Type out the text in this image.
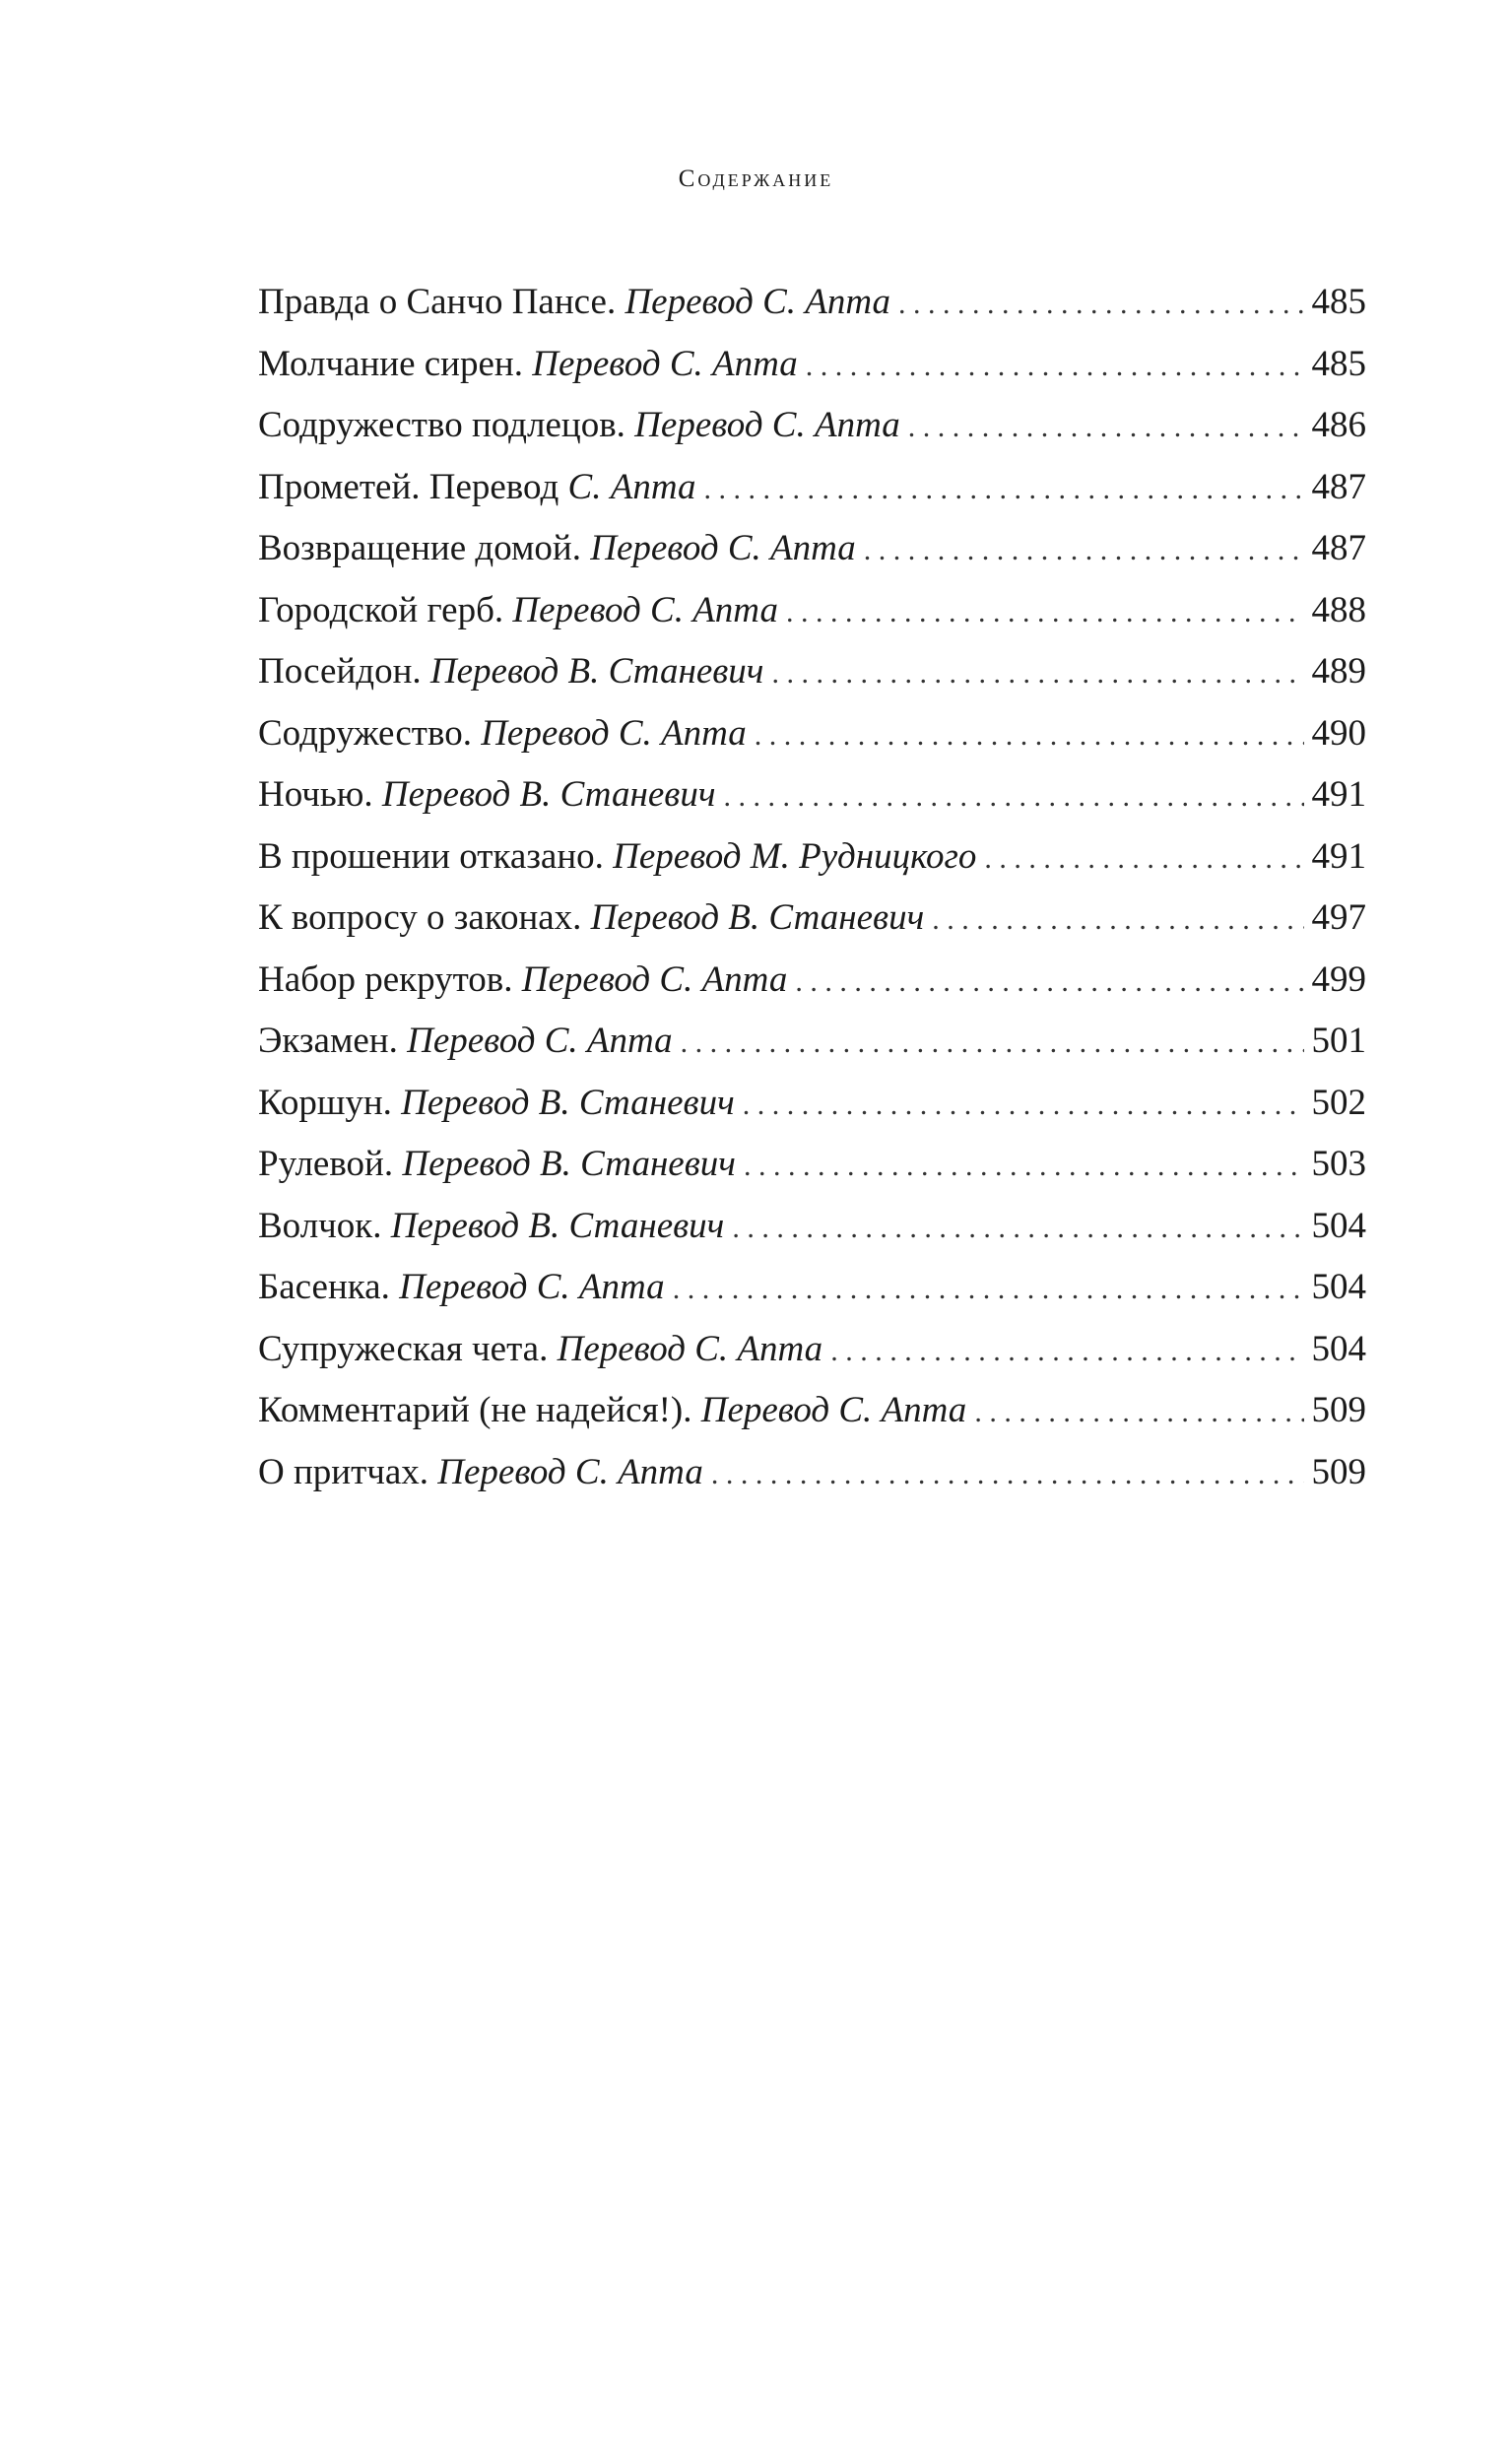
Содержание
Правда о Санчо Пансе. Перевод С. Апта . . .	485
Молчание сирен. Перевод С. Апта . . .	485
Содружество подлецов. Перевод С. Апта . . .	486
Прометей. Перевод С. Апта . . .	487
Возвращение домой. Перевод С. Апта . . .	487
Городской герб. Перевод С. Апта . . .	488
Посейдон. Перевод В. Станевич . . .	489
Содружество. Перевод С. Апта . . .	490
Ночью. Перевод В. Станевич . . .	491
В прошении отказано. Перевод М. Рудницкого . . .	491
К вопросу о законах. Перевод В. Станевич . . .	497
Набор рекрутов. Перевод С. Апта . . .	499
Экзамен. Перевод С. Апта . . .	501
Коршун. Перевод В. Станевич . . .	502
Рулевой. Перевод В. Станевич . . .	503
Волчок. Перевод В. Станевич . . .	504
Басенка. Перевод С. Апта . . .	504
Супружеская чета. Перевод С. Апта . . .	504
Комментарий (не надейся!). Перевод С. Апта . . .	509
О притчах. Перевод С. Апта . . .	509
